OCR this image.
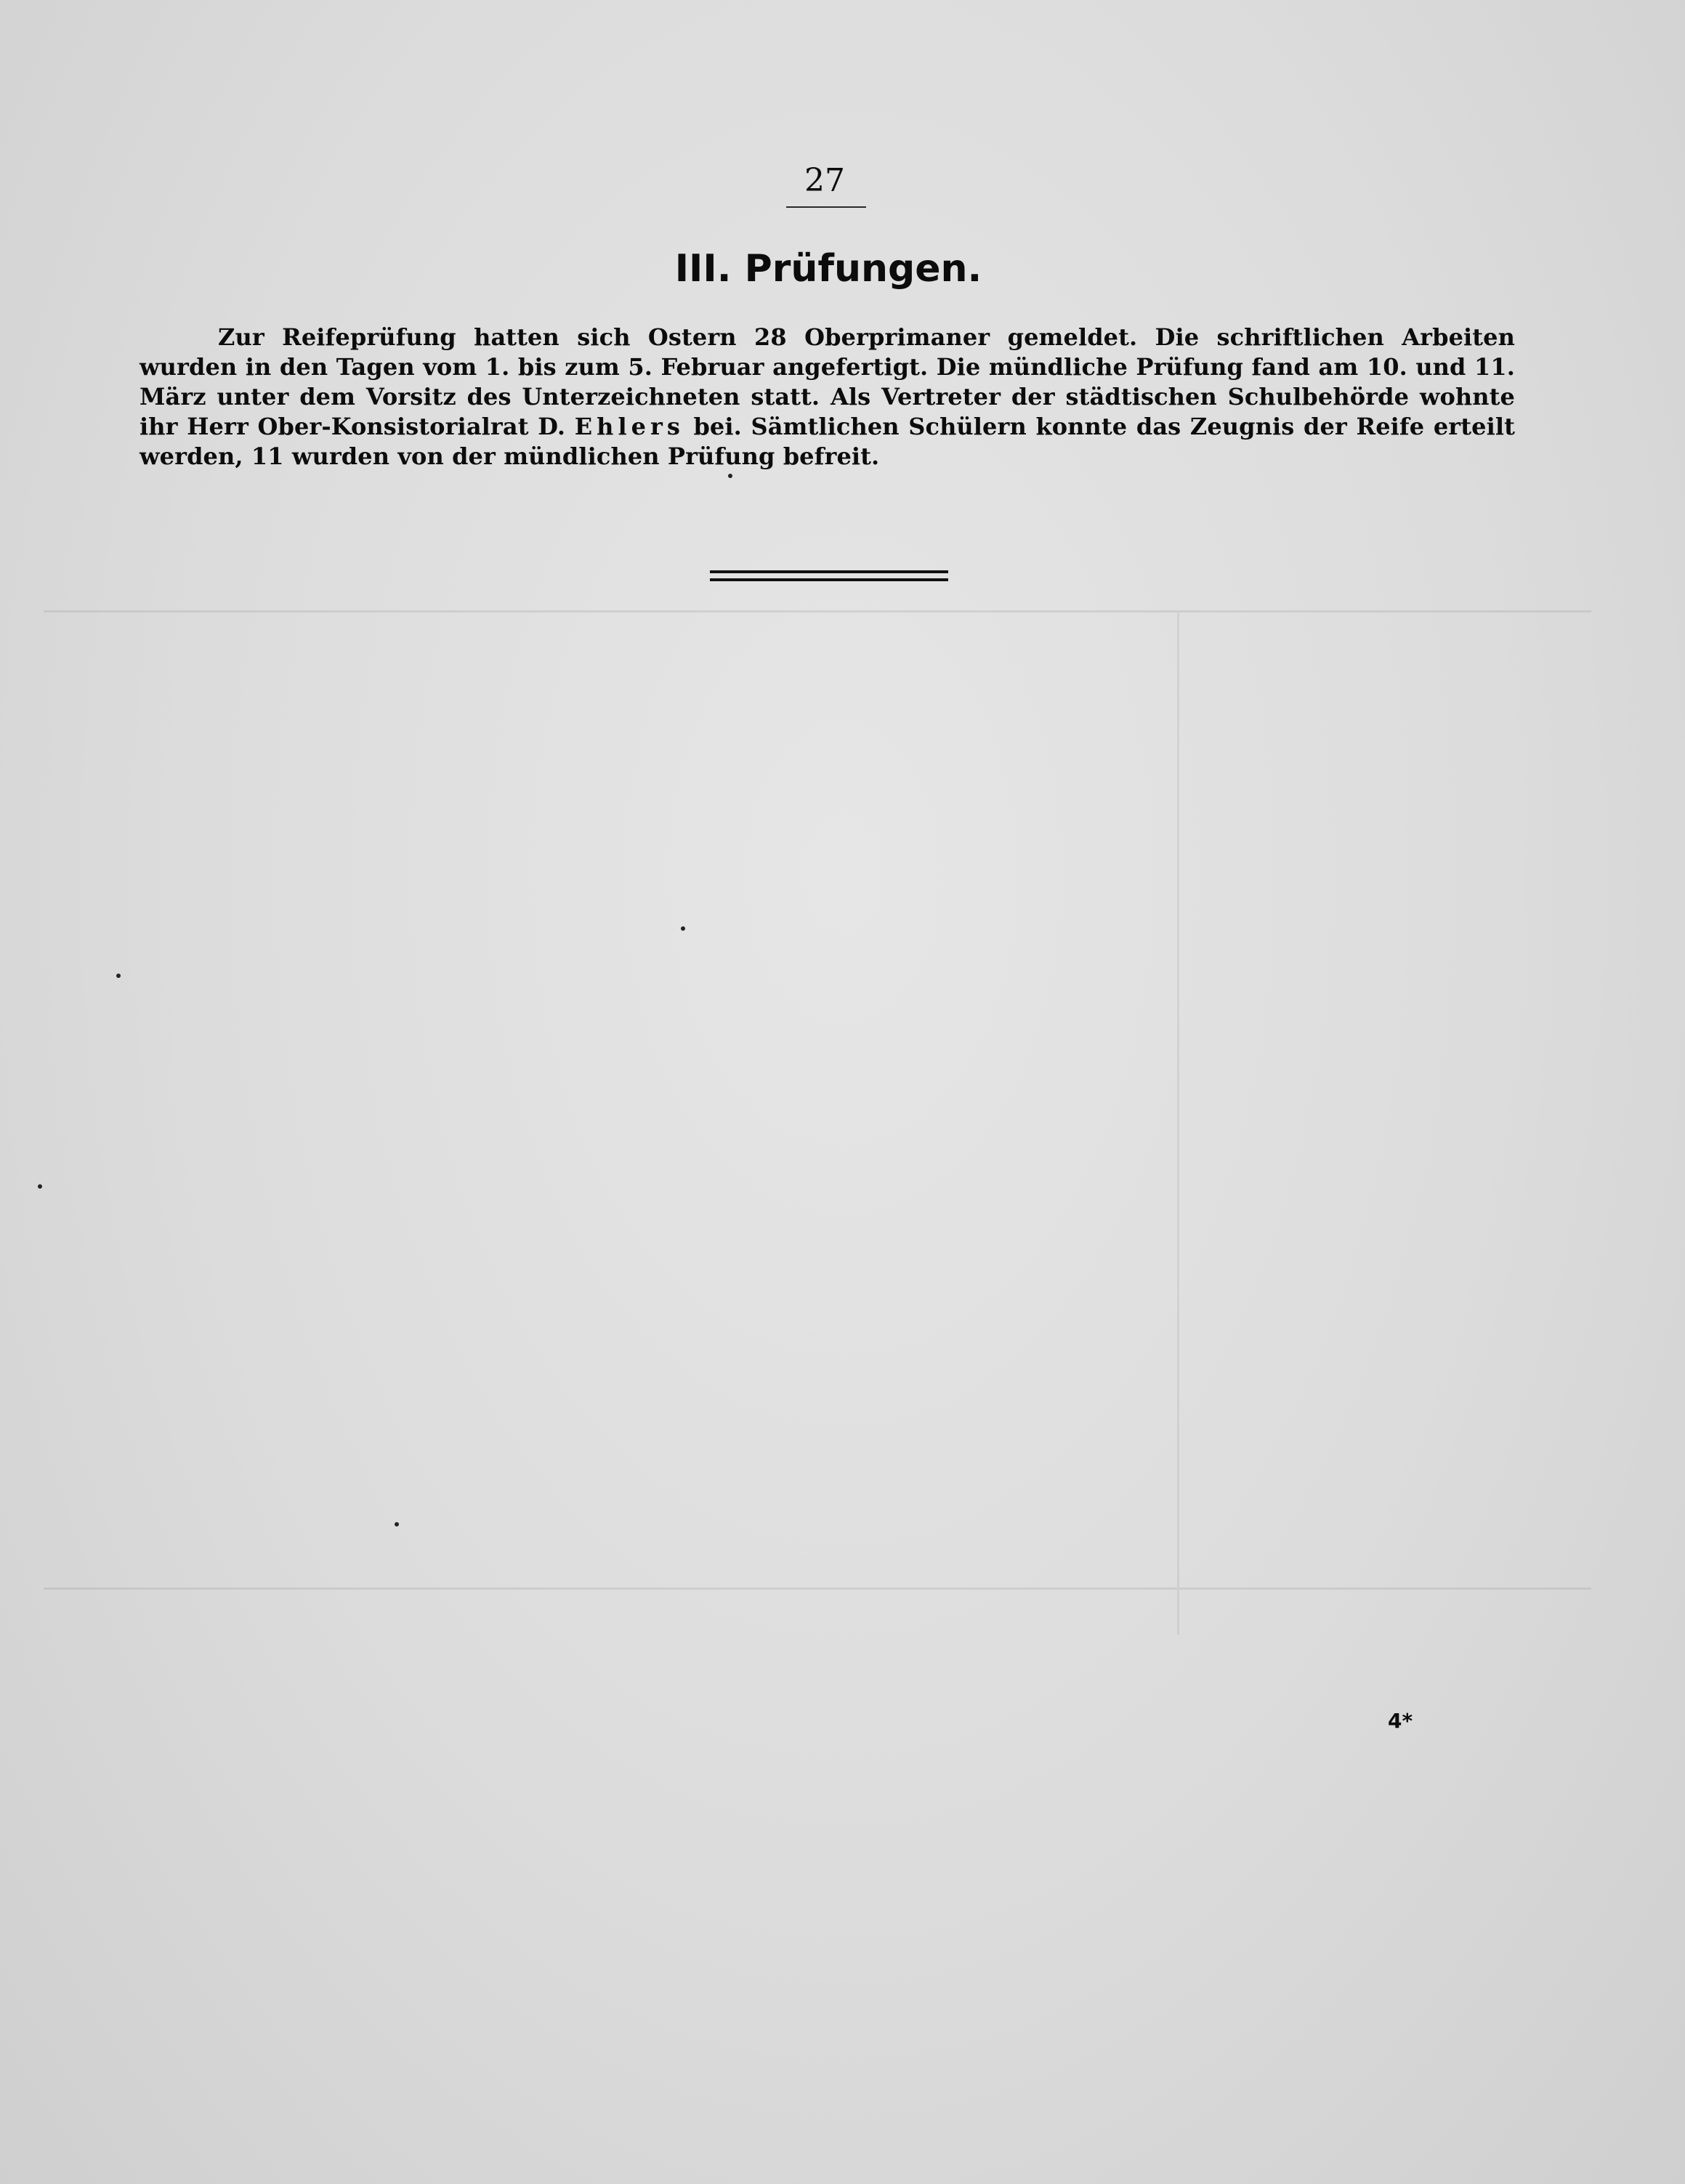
27
III. Prüfungen.

Zur Reifeprüfung hatten sich Ostern 28 Oberprimaner gemeldet. Die schriftlichen Arbeiten wurden in den Tagen vom 1. bis zum 5. Februar angefertigt. Die mündliche Prüfung fand am 10. und 11. März unter dem Vorsitz des Unterzeichneten statt. Als Vertreter der städtischen Schulbehörde wohnte ihr Herr Ober-Konsistorialrat D. Ehlers bei. Sämtlichen Schülern konnte das Zeugnis der Reife erteilt werden, 11 wurden von der mündlichen Prüfung befreit.

4*
